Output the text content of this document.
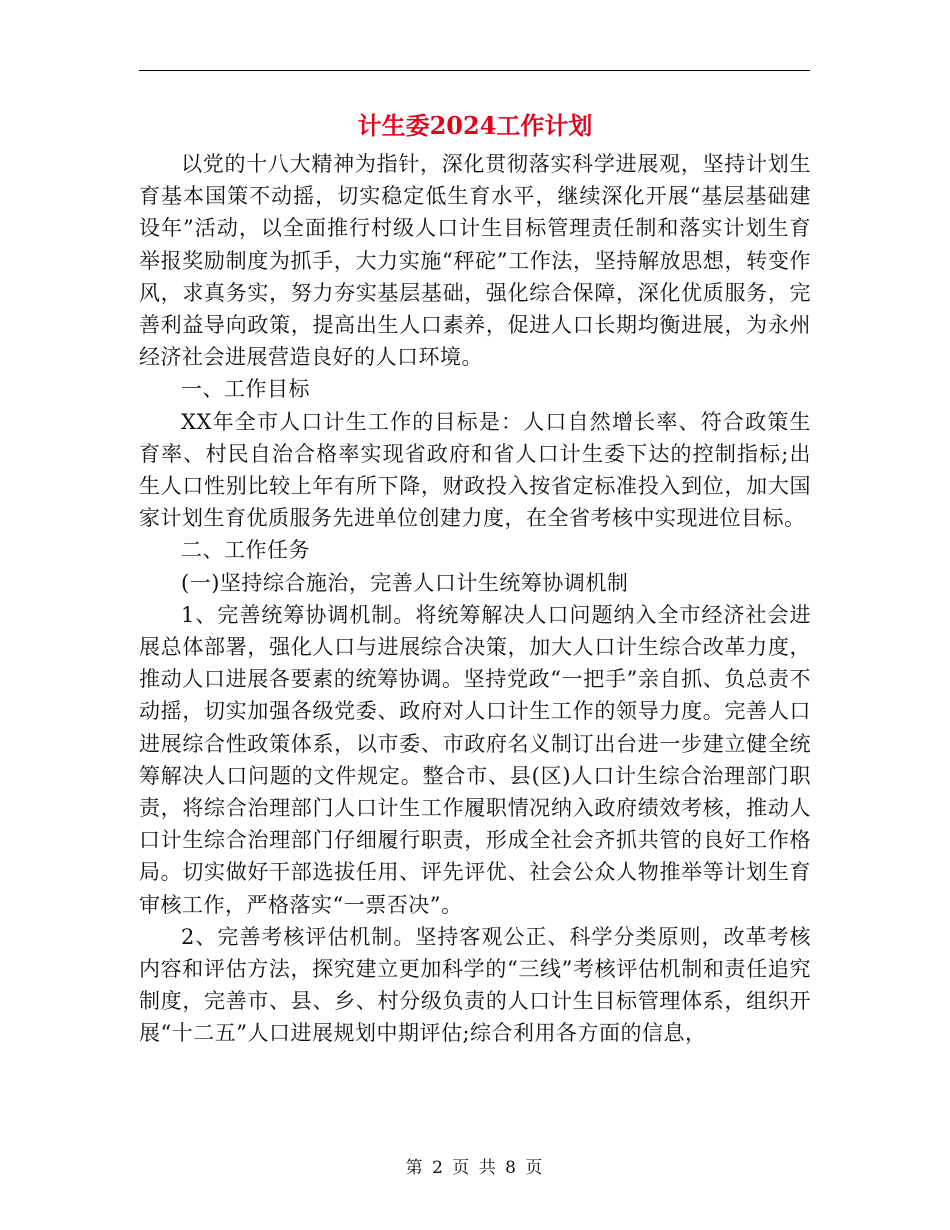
计生委2024工作计划

以党的十八大精神为指针，深化贯彻落实科学进展观，坚持计划生育基本国策不动摇，切实稳定低生育水平，继续深化开展“基层基础建设年”活动，以全面推行村级人口计生目标管理责任制和落实计划生育举报奖励制度为抓手，大力实施“秤砣”工作法，坚持解放思想，转变作风，求真务实，努力夯实基层基础，强化综合保障，深化优质服务，完善利益导向政策，提高出生人口素养，促进人口长期均衡进展，为永州经济社会进展营造良好的人口环境。

一、工作目标

XX年全市人口计生工作的目标是：人口自然增长率、符合政策生育率、村民自治合格率实现省政府和省人口计生委下达的控制指标;出生人口性别比较上年有所下降，财政投入按省定标准投入到位，加大国家计划生育优质服务先进单位创建力度，在全省考核中实现进位目标。

二、工作任务

(一)坚持综合施治，完善人口计生统筹协调机制

1、完善统筹协调机制。将统筹解决人口问题纳入全市经济社会进展总体部署，强化人口与进展综合决策，加大人口计生综合改革力度，推动人口进展各要素的统筹协调。坚持党政“一把手”亲自抓、负总责不动摇，切实加强各级党委、政府对人口计生工作的领导力度。完善人口进展综合性政策体系，以市委、市政府名义制订出台进一步建立健全统筹解决人口问题的文件规定。整合市、县(区)人口计生综合治理部门职责，将综合治理部门人口计生工作履职情况纳入政府绩效考核，推动人口计生综合治理部门仔细履行职责，形成全社会齐抓共管的良好工作格局。切实做好干部选拔任用、评先评优、社会公众人物推举等计划生育审核工作，严格落实“一票否决”。

2、完善考核评估机制。坚持客观公正、科学分类原则，改革考核内容和评估方法，探究建立更加科学的“三线”考核评估机制和责任追究制度，完善市、县、乡、村分级负责的人口计生目标管理体系，组织开展“十二五”人口进展规划中期评估;综合利用各方面的信息，

第 2 页 共 8 页
